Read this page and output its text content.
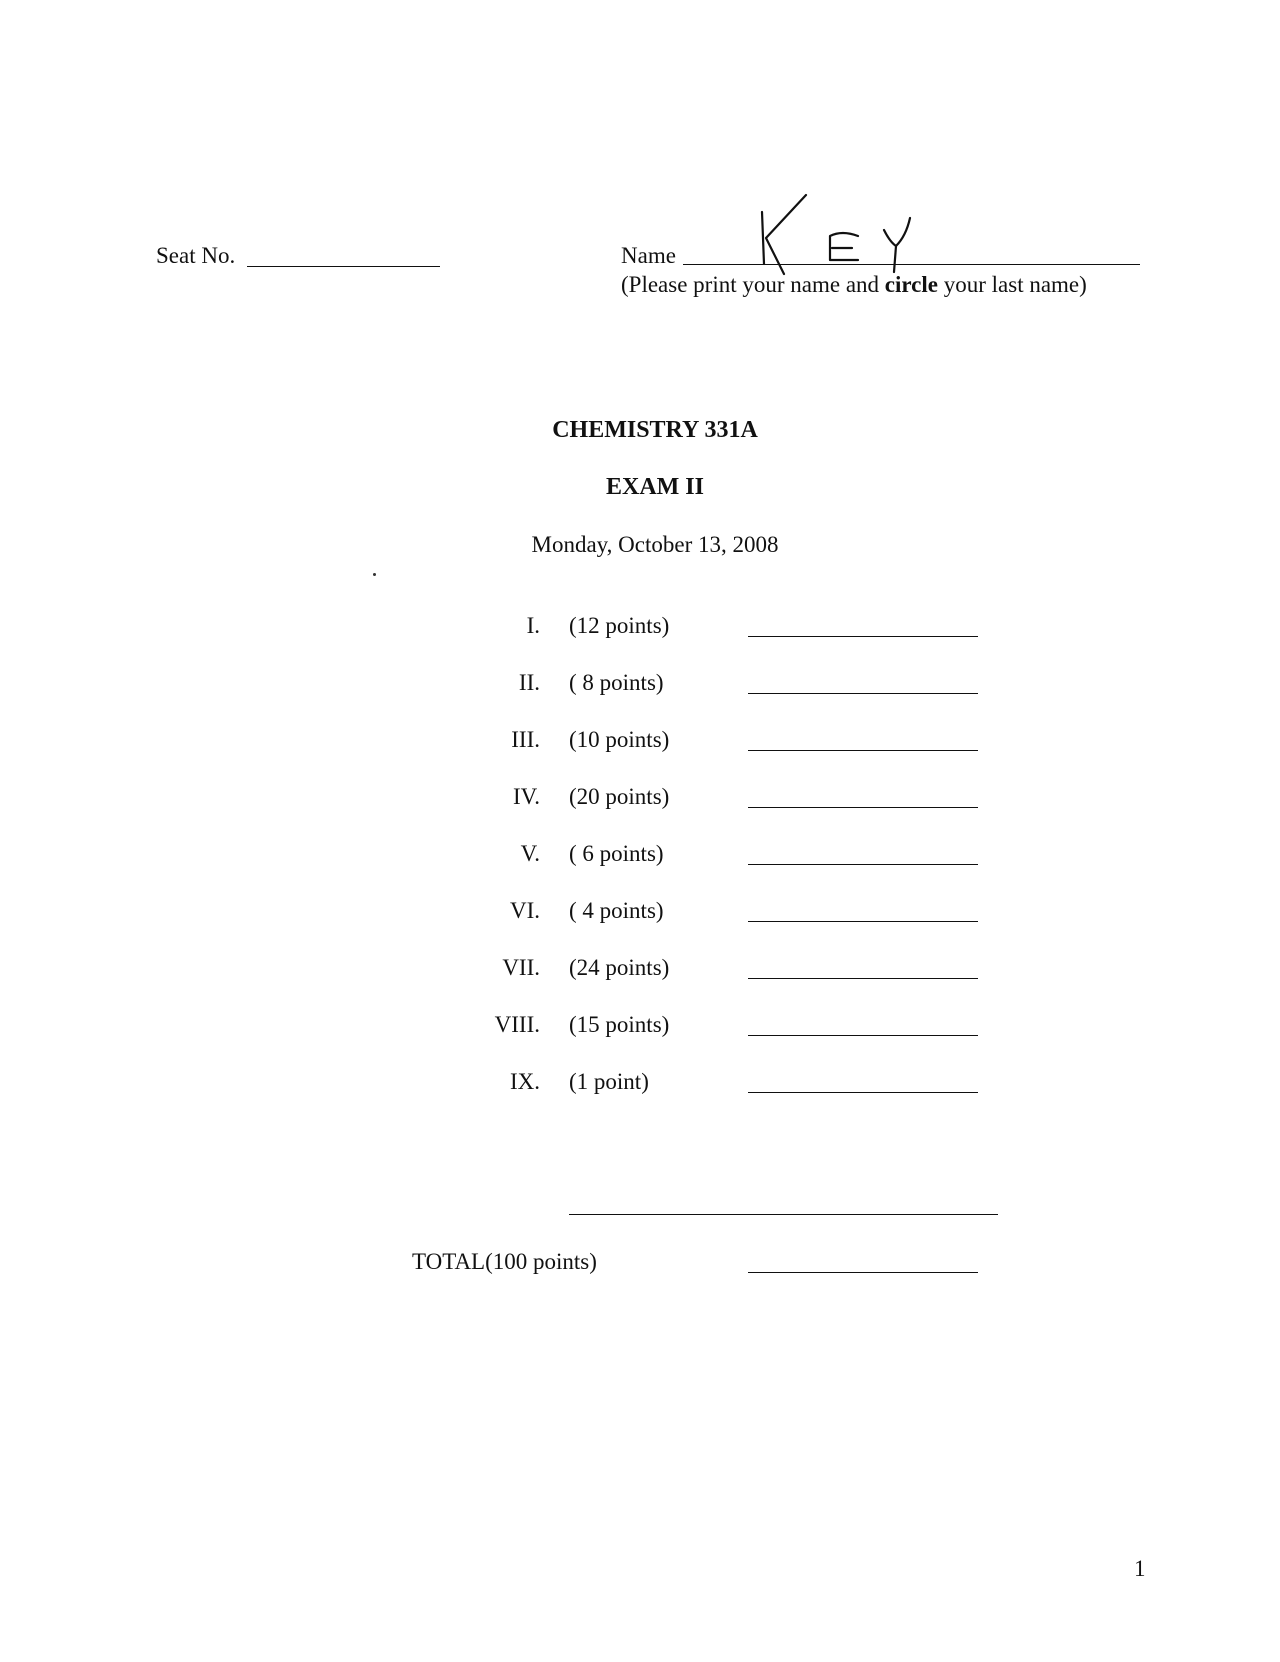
Seat No.	Name
(Please print your name and circle your last name)
CHEMISTRY 331A
EXAM II
Monday, October 13, 2008
I. (12 points)
II. ( 8 points)
III. (10 points)
IV. (20 points)
V. ( 6 points)
VI. ( 4 points)
VII. (24 points)
VIII. (15 points)
IX. (1 point)
TOTAL(100 points)
1
